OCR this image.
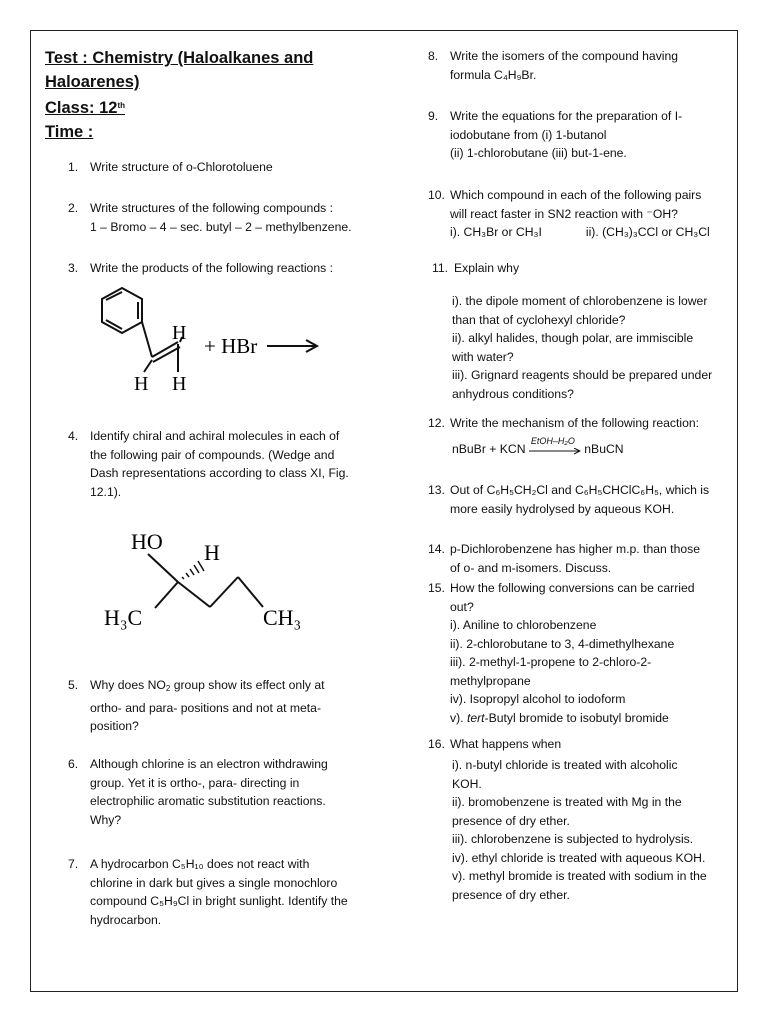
Test : Chemistry (Haloalkanes and
Haloarenes)
Class: 12th
Time :
1. Write structure of o-Chlorotoluene
2. Write structures of the following compounds :
1 – Bromo – 4 – sec. butyl – 2 – methylbenzene.
3. Write the products of the following reactions :
H
H H
+ HBr
4. Identify chiral and achiral molecules in each of
the following pair of compounds. (Wedge and
Dash representations according to class XI, Fig.
12.1).
HO H
H₃C	CH₃
5. Why does $NO_2$ group show its effect only at
ortho- and para- positions and not at meta-
position?
6. Although chlorine is an electron withdrawing
group. Yet it is ortho-, para- directing in
electrophilic aromatic substitution reactions.
Why?
7. A hydrocarbon C₅H₁₀ does not react with
chlorine in dark but gives a single monochloro
compound C₅H₉Cl in bright sunlight. Identify the
hydrocarbon.
8. Write the isomers of the compound having
formula C₄H₉Br.
9. Write the equations for the preparation of I-
iodobutane from (i) 1-butanol
(ii) 1-chlorobutane (iii) but-1-ene.
10. Which compound in each of the following pairs
will react faster in SN2 reaction with ⁻OH?
i). CH₃Br or CH₃I	ii). (CH₃)₃CCl or CH₃Cl
11. Explain why
i). the dipole moment of chlorobenzene is lower
than that of cyclohexyl chloride?
ii). alkyl halides, though polar, are immiscible
with water?
iii). Grignard reagents should be prepared under
anhydrous conditions?
12. Write the mechanism of the following reaction:
nBuBr + KCN
EtOH–H₂O
nBuCN
13. Out of C₆H₅CH₂Cl and C₆H₅CHClC₆H₅, which is
more easily hydrolysed by aqueous KOH.
14. p-Dichlorobenzene has higher m.p. than those
of o- and m-isomers. Discuss.
15. How the following conversions can be carried
out?
i). Aniline to chlorobenzene
ii). 2-chlorobutane to 3, 4-dimethylhexane
iii). 2-methyl-1-propene to 2-chloro-2-
methylpropane
iv). Isopropyl alcohol to iodoform
v). tert-Butyl bromide to isobutyl bromide
16. What happens when
i). n-butyl chloride is treated with alcoholic
KOH.
ii). bromobenzene is treated with Mg in the
presence of dry ether.
iii). chlorobenzene is subjected to hydrolysis.
iv). ethyl chloride is treated with aqueous KOH.
v). methyl bromide is treated with sodium in the
presence of dry ether.
